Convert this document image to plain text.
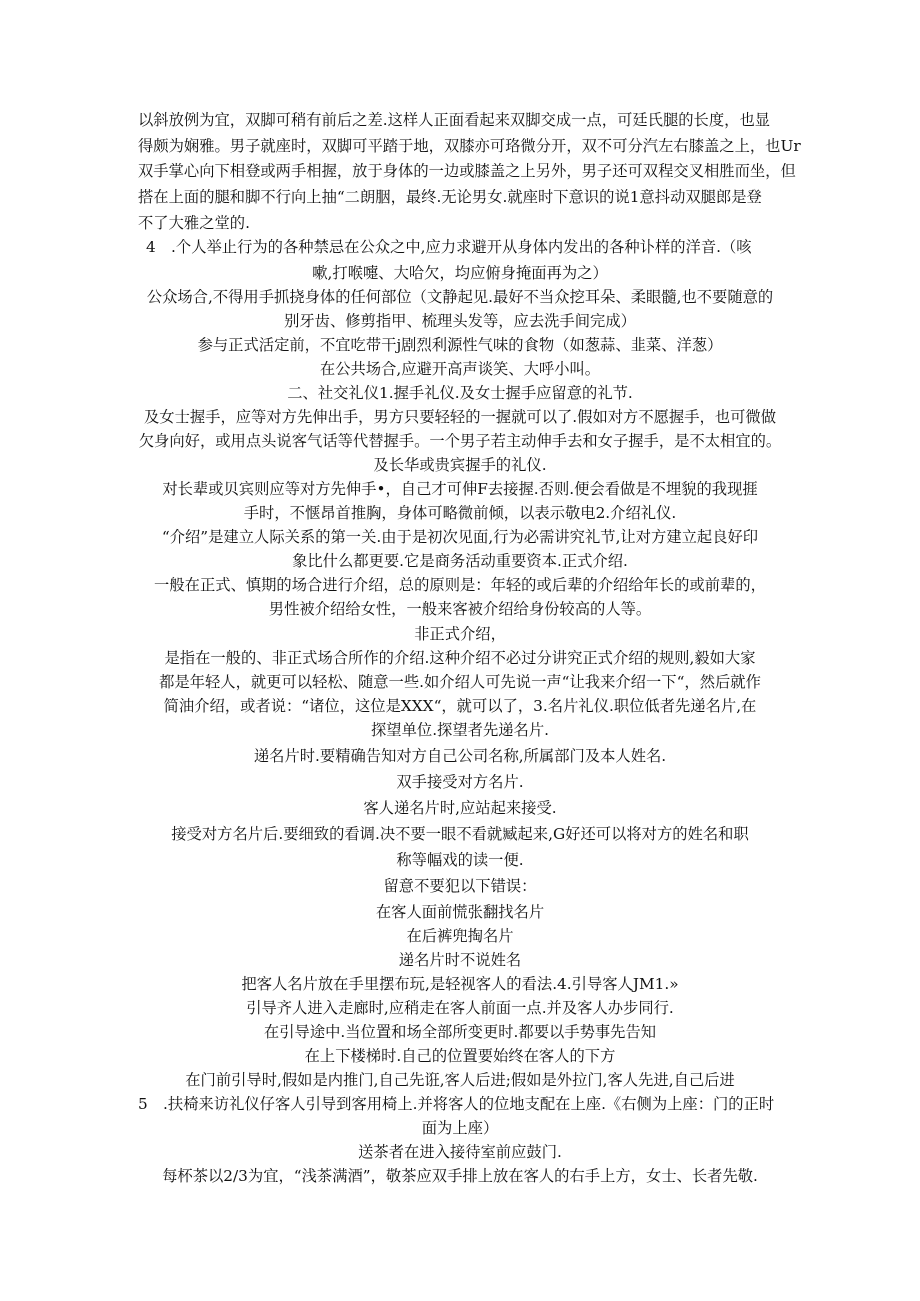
以斜放例为宜，双脚可稍有前后之差.这样人正面看起来双脚交成一点，可廷氏腿的长度，也显
得颇为娴雅。男子就座时，双脚可平踏于地，双膝亦可珞微分开，双不可分汽左右膝盖之上，也Ur
双手掌心向下相登或两手相握，放于身体的一边或膝盖之上另外，男子还可双程交叉相胜而坐，但
搭在上面的腿和脚不行向上抽“二朗胭，最终.无论男女.就座时下意识的说1意抖动双腿郎是登
不了大雅之堂的.
4　.个人举止行为的各种禁忌在公众之中,应力求避开从身体内发出的各种讣样的洋音.（咳
嗽,打喉嚏、大哈欠，均应俯身掩面再为之）
公众场合,不得用手抓挠身体的任何部位（文静起见.最好不当众挖耳朵、柔眼髓,也不要随意的
别牙齿、修剪指甲、梳理头发等，应去洗手间完成）
参与正式活定前，不宜吃带干j剧烈利源性气味的食物（如葱蒜、韭菜、洋葱）
在公共场合,应避开高声谈笑、大呼小叫。
二、社交礼仪1.握手礼仪.及女士握手应留意的礼节.
及女士握手，应等对方先伸出手，男方只要轻轻的一握就可以了.假如对方不愿握手，也可微做
欠身向好，或用点头说客气话等代替握手。一个男子若主动伸手去和女子握手，是不太相宜的。
及长华或贵宾握手的礼仪.
对长辈或贝宾则应等对方先伸手•，自己才可伸F去接握.否则.便会看做是不埋貌的我现捱
手时，不惬昂首推胸，身体可略微前倾，以表示敬电2.介绍礼仪.
“介绍”是建立人际关系的第一关.由于是初次见面,行为必需讲究礼节,让对方建立起良好印
象比什么都更要.它是商务活动重要资本.正式介绍.
一般在正式、慎期的场合进行介绍，总的原则是：年轻的或后辈的介绍给年长的或前辈的，
男性被介绍给女性，一般来客被介绍给身份较高的人等。
非正式介绍，
是指在一般的、非正式场合所作的介绍.这种介绍不必过分讲究正式介绍的规则,毅如大家
都是年轻人，就更可以轻松、随意一些.如介绍人可先说一声“让我来介绍一下“，然后就作
简油介绍，或者说：“诸位，这位是XXX“，就可以了，3.名片礼仪.职位低者先递名片,在
探望单位.探望者先递名片.
递名片时.要精确告知对方自己公司名称,所属部门及本人姓名.
双手接受对方名片.
客人递名片时,应站起来接受.
接受对方名片后.要细致的看调.决不要一眼不看就臧起来,G好还可以将对方的姓名和职
称等幅戏的读一便.
留意不要犯以下错误：
在客人面前慌张翻找名片
在后裤兜掏名片
递名片时不说姓名
把客人名片放在手里摆布玩,是轻视客人的看法.4.引导客人JM1.»
引导齐人进入走廊时,应稍走在客人前面一点.并及客人办步同行.
在引导途中.当位置和场全部所变更时.都要以手势事先告知
在上下楼梯时.自己的位置要始终在客人的下方
在门前引导时,假如是内推门,自己先诳,客人后进;假如是外拉门,客人先进,自己后进
5　.扶椅来访礼仪仔客人引导到客用椅上.并将客人的位地支配在上座.《右侧为上座：门的正时
面为上座）
送茶者在进入接待室前应鼓门.
每杯茶以2/3为宜，“浅茶满酒”，敬茶应双手排上放在客人的右手上方，女士、长者先敬.
